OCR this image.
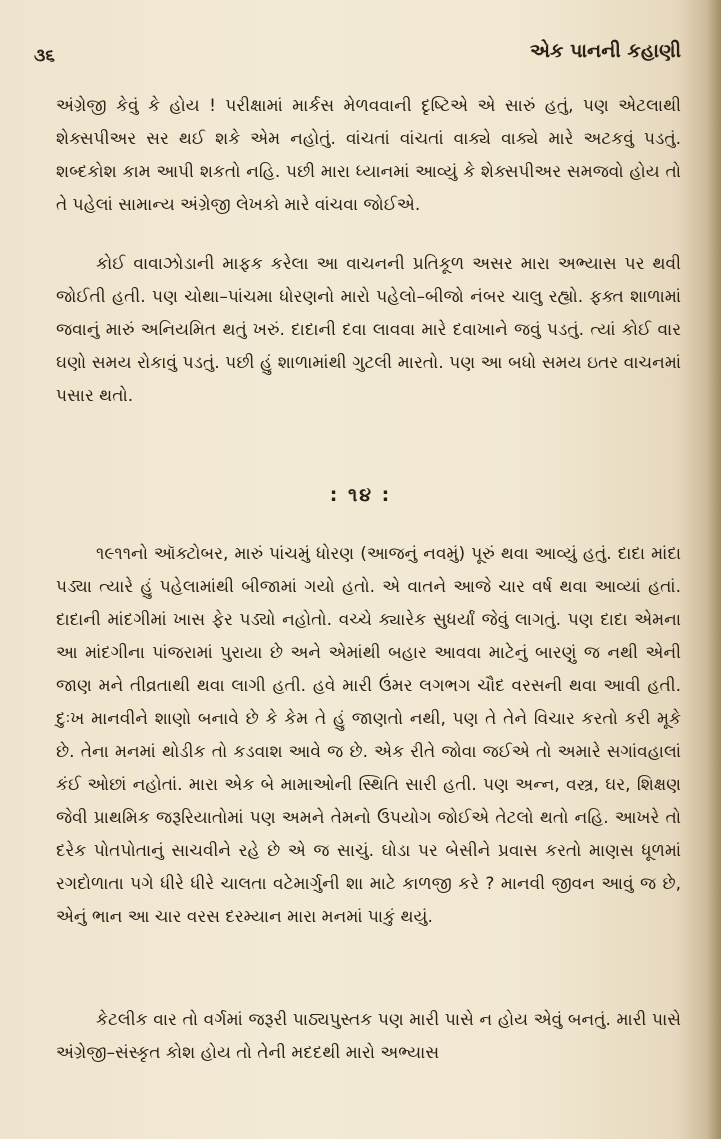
૩૬	એક પાનની કહાણી

અંગ્રેજી કેવું કે હોય ! પરીક્ષામાં માર્કસ મેળવવાની દૃષ્ટિએ એ સારું હતું, પણ એટલાથી શેક્સપીઅર સર થઈ શકે એમ નહોતું. વાંચતાં વાંચતાં વાક્યે વાક્યે મારે અટકવું પડતું. શબ્દકોશ કામ આપી શકતો નહિ. પછી મારા ધ્યાનમાં આવ્યું કે શેક્સપીઅર સમજવો હોય તો તે પહેલાં સામાન્ય અંગ્રેજી લેખકો મારે વાંચવા જોઈએ.

કોઈ વાવાઝોડાની માફક કરેલા આ વાચનની પ્રતિકૂળ અસર મારા અભ્યાસ પર થવી જોઈતી હતી. પણ ચોથા–પાંચમા ધોરણનો મારો પહેલો–બીજો નંબર ચાલુ રહ્યો. ફક્ત શાળામાં જવાનું મારું અનિયમિત થતું ખરું. દાદાની દવા લાવવા મારે દવાખાને જવું પડતું. ત્યાં કોઈ વાર ઘણો સમય રોકાવું પડતું. પછી હું શાળામાંથી ગુટલી મારતો. પણ આ બધો સમય ઇતર વાચનમાં પસાર થતો.

: ૧૪ :

૧૯૧૧નો ઑક્ટોબર, મારું પાંચમું ધોરણ (આજનું નવમું) પૂરું થવા આવ્યું હતું. દાદા માંદા પડ્યા ત્યારે હું પહેલામાંથી બીજામાં ગયો હતો. એ વાતને આજે ચાર વર્ષ થવા આવ્યાં હતાં. દાદાની માંદગીમાં ખાસ ફેર પડ્યો નહોતો. વચ્ચે ક્યારેક સુધર્યાં જેવું લાગતું. પણ દાદા એમના આ માંદગીના પાંજરામાં પુરાયા છે અને એમાંથી બહાર આવવા માટેનું બારણું જ નથી એની જાણ મને તીવ્રતાથી થવા લાગી હતી. હવે મારી ઉંમર લગભગ ચૌદ વરસની થવા આવી હતી. દુઃખ માનવીને શાણો બનાવે છે કે કેમ તે હું જાણતો નથી, પણ તે તેને વિચાર કરતો કરી મૂકે છે. તેના મનમાં થોડીક તો કડવાશ આવે જ છે. એક રીતે જોવા જઈએ તો અમારે સગાંવહાલાં કંઈ ઓછાં નહોતાં. મારા એક બે મામાઓની સ્થિતિ સારી હતી. પણ અન્ન, વસ્ત્ર, ઘર, શિક્ષણ જેવી પ્રાથમિક જરૂરિયાતોમાં પણ અમને તેમનો ઉપયોગ જોઈએ તેટલો થતો નહિ. આખરે તો દરેક પોતપોતાનું સાચવીને રહે છે એ જ સાચું. ઘોડા પર બેસીને પ્રવાસ કરતો માણસ ધૂળમાં રગદોળાતા પગે ધીરે ધીરે ચાલતા વટેમાર્ગુની શા માટે કાળજી કરે ? માનવી જીવન આવું જ છે, એનું ભાન આ ચાર વરસ દરમ્યાન મારા મનમાં પાકું થયું.

કેટલીક વાર તો વર્ગમાં જરૂરી પાઠ્યપુસ્તક પણ મારી પાસે ન હોય એવું બનતું. મારી પાસે અંગ્રેજી–સંસ્કૃત કોશ હોય તો તેની મદદથી મારો અભ્યાસ
